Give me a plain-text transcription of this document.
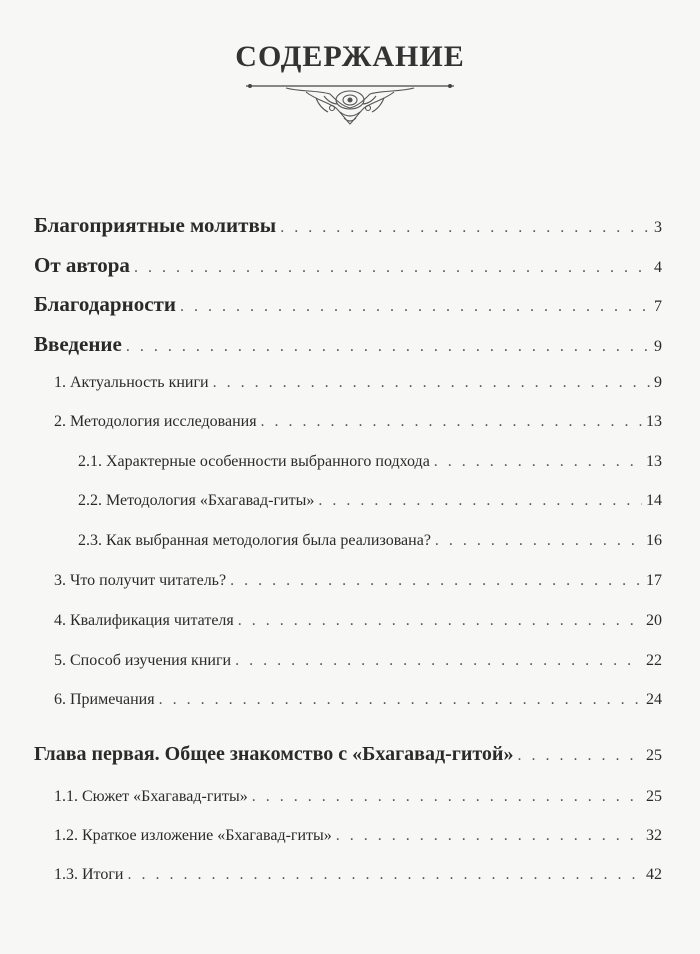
СОДЕРЖАНИЕ
Благоприятные молитвы . . .	3
От автора . . .	4
Благодарности . . .	7
Введение . . .	9
1. Актуальность книги . . .	9
2. Методология исследования . . .	13
2.1. Характерные особенности выбранного подхода . . .	13
2.2. Методология «Бхагавад-гиты» . . .	14
2.3. Как выбранная методология была реализована? . . .	16
3. Что получит читатель? . . .	17
4. Квалификация читателя . . .	20
5. Способ изучения книги . . .	22
6. Примечания . . .	24
Глава первая. Общее знакомство с «Бхагавад-гитой» . . .	25
1.1. Сюжет «Бхагавад-гиты» . . .	25
1.2. Краткое изложение «Бхагавад-гиты» . . .	32
1.3. Итоги . . .	42
